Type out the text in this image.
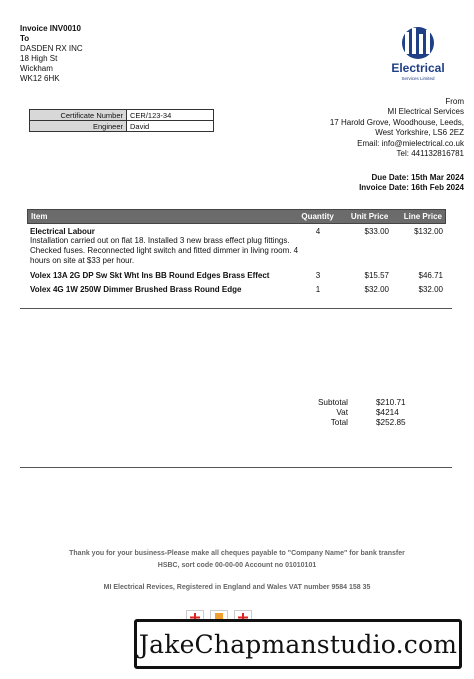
Invoice INV0010
To
DASDEN RX INC
18 High St
Wickham
WK12 6HK
Electrical
Services Limited
Certificate Number	CER/123-34
Engineer	David
From
MI Electrical Services
17 Harold Grove, Woodhouse, Leeds,
West Yorkshire, LS6 2EZ
Email: info@mielectrical.co.uk
Tel: 441132816781
Due Date: 15th Mar 2024
Invoice Date: 16th Feb 2024
Item	Quantity	Unit Price	Line Price
Electrical Labour
Installation carried out on flat 18. Installed 3 new brass effect plug fittings. Checked fuses. Reconnected light switch and fitted dimmer in living room. 4 hours on site at $33 per hour.
4	$33.00	$132.00
Volex 13A 2G DP Sw Skt Wht Ins BB Round Edges Brass Effect	3	$15.57	$46.71
Volex 4G 1W 250W Dimmer Brushed Brass Round Edge	1	$32.00	$32.00
Subtotal	$210.71
Vat	$4214
Total	$252.85
Thank you for your business-Please make all cheques payable to "Company Name" for bank transfer
HSBC, sort code 00-00-00 Account no 01010101
MI Electrical Revices, Registered in England and Wales VAT number 9584 158 35
JakeChapmanstudio.com
